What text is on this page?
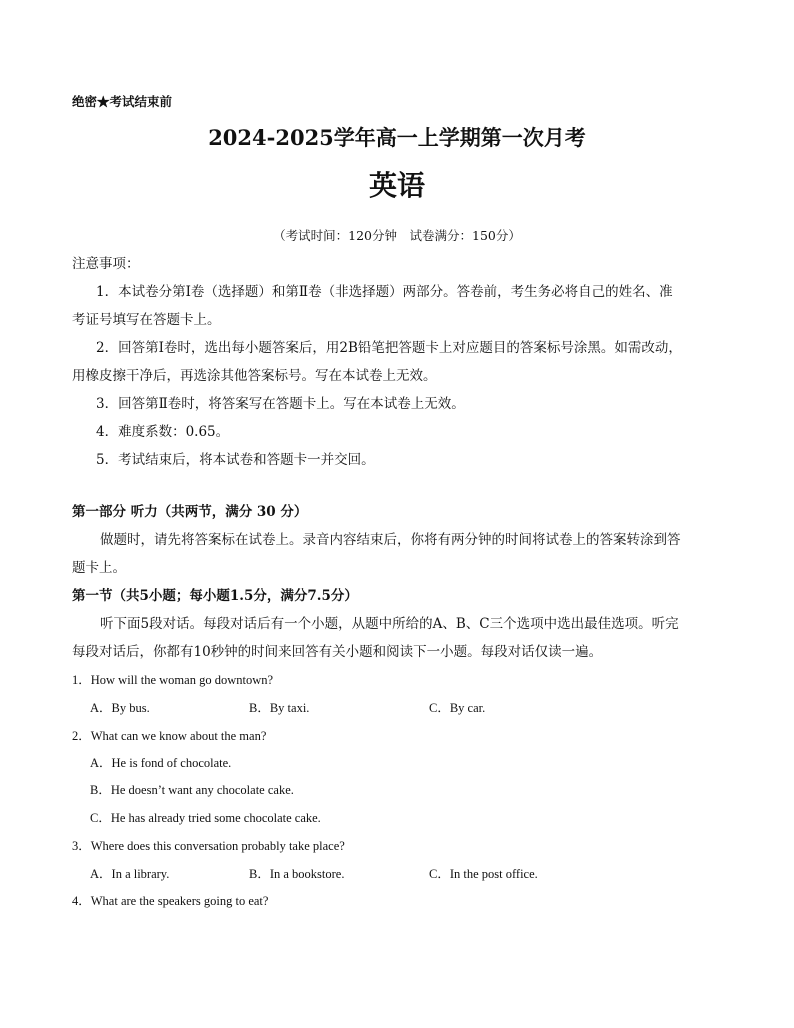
绝密★考试结束前
2024-2025学年高一上学期第一次月考
英语
（考试时间：120分钟　试卷满分：150分）
注意事项：
1．本试卷分第Ⅰ卷（选择题）和第Ⅱ卷（非选择题）两部分。答卷前，考生务必将自己的姓名、准
考证号填写在答题卡上。
2．回答第Ⅰ卷时，选出每小题答案后，用2B铅笔把答题卡上对应题目的答案标号涂黑。如需改动，
用橡皮擦干净后，再选涂其他答案标号。写在本试卷上无效。
3．回答第Ⅱ卷时，将答案写在答题卡上。写在本试卷上无效。
4．难度系数：0.65。
5．考试结束后，将本试卷和答题卡一并交回。
第一部分 听力（共两节，满分 30 分）
做题时，请先将答案标在试卷上。录音内容结束后，你将有两分钟的时间将试卷上的答案转涂到答
题卡上。
第一节（共5小题；每小题1.5分，满分7.5分）
听下面5段对话。每段对话后有一个小题，从题中所给的A、B、C三个选项中选出最佳选项。听完
每段对话后，你都有10秒钟的时间来回答有关小题和阅读下一小题。每段对话仅读一遍。
1．How will the woman go downtown?
A．By bus.	B．By taxi.	C．By car.
2．What can we know about the man?
A．He is fond of chocolate.
B．He doesn’t want any chocolate cake.
C．He has already tried some chocolate cake.
3．Where does this conversation probably take place?
A．In a library.	B．In a bookstore.	C．In the post office.
4．What are the speakers going to eat?
